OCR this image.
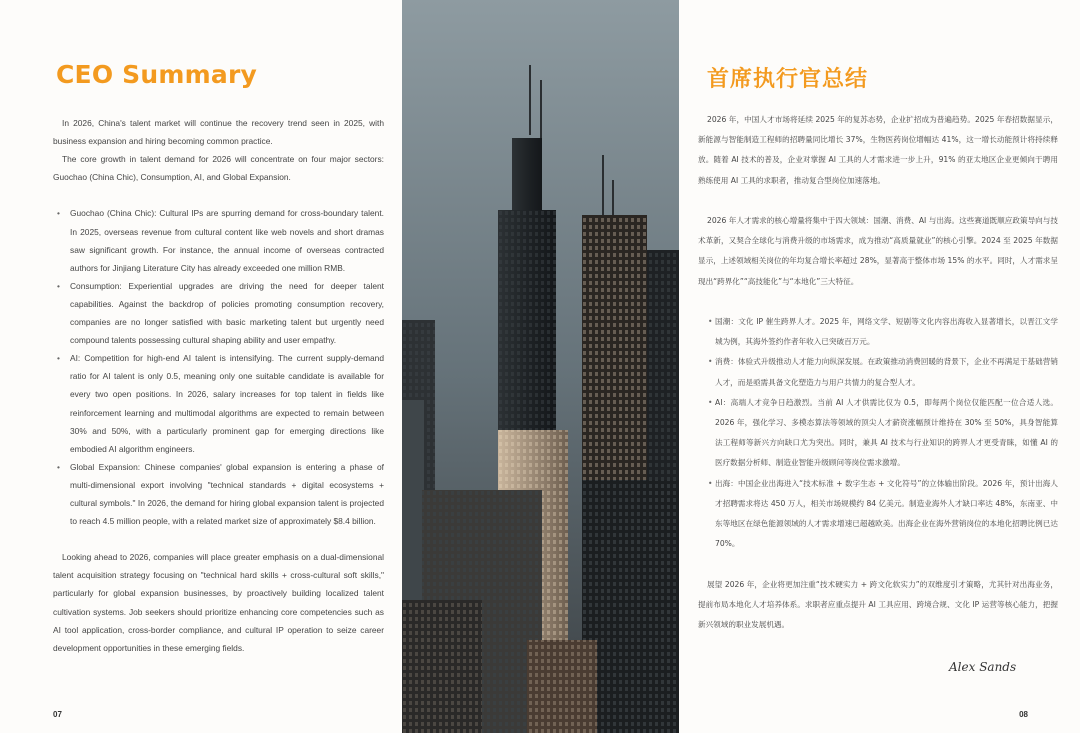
CEO Summary

In 2026, China's talent market will continue the recovery trend seen in 2025, with business expansion and hiring becoming common practice.

The core growth in talent demand for 2026 will concentrate on four major sectors: Guochao (China Chic), Consumption, AI, and Global Expansion.

• Guochao (China Chic): Cultural IPs are spurring demand for cross-boundary talent. In 2025, overseas revenue from cultural content like web novels and short dramas saw significant growth. For instance, the annual income of overseas contracted authors for Jinjiang Literature City has already exceeded one million RMB.
• Consumption: Experiential upgrades are driving the need for deeper talent capabilities. Against the backdrop of policies promoting consumption recovery, companies are no longer satisfied with basic marketing talent but urgently need compound talents possessing cultural shaping ability and user empathy.
• AI: Competition for high-end AI talent is intensifying. The current supply-demand ratio for AI talent is only 0.5, meaning only one suitable candidate is available for every two open positions. In 2026, salary increases for top talent in fields like reinforcement learning and multimodal algorithms are expected to remain between 30% and 50%, with a particularly prominent gap for emerging directions like embodied AI algorithm engineers.
• Global Expansion: Chinese companies' global expansion is entering a phase of multi-dimensional export involving "technical standards + digital ecosystems + cultural symbols." In 2026, the demand for hiring global expansion talent is projected to reach 4.5 million people, with a related market size of approximately $8.4 billion.

Looking ahead to 2026, companies will place greater emphasis on a dual-dimensional talent acquisition strategy focusing on "technical hard skills + cross-cultural soft skills," particularly for global expansion businesses, by proactively building localized talent cultivation systems. Job seekers should prioritize enhancing core competencies such as AI tool application, cross-border compliance, and cultural IP operation to seize career development opportunities in these emerging fields.

07
首席执行官总结

2026 年，中国人才市场将延续 2025 年的复苏态势，企业扩招成为普遍趋势。2025 年春招数据显示，新能源与智能制造工程师的招聘量同比增长 37%，生物医药岗位增幅达 41%，这一增长动能预计将持续释放。随着 AI 技术的普及，企业对掌握 AI 工具的人才需求进一步上升，91% 的亚太地区企业更倾向于聘用熟练使用 AI 工具的求职者，推动复合型岗位加速落地。

2026 年人才需求的核心增量将集中于四大领域：国潮、消费、AI 与出海。这些赛道既顺应政策导向与技术革新，又契合全球化与消费升级的市场需求，成为推动“高质量就业”的核心引擎。2024 至 2025 年数据显示，上述领域相关岗位的年均复合增长率超过 28%，显著高于整体市场 15% 的水平。同时，人才需求呈现出“跨界化”“高技能化”与“本地化”三大特征。

• 国潮：文化 IP 催生跨界人才。2025 年，网络文学、短剧等文化内容出海收入显著增长，以晋江文学城为例，其海外签约作者年收入已突破百万元。
• 消费：体验式升级推动人才能力向纵深发展。在政策推动消费回暖的背景下，企业不再满足于基础营销人才，而是亟需具备文化塑造力与用户共情力的复合型人才。
• AI：高端人才竞争日趋激烈。当前 AI 人才供需比仅为 0.5，即每两个岗位仅能匹配一位合适人选。2026 年，强化学习、多模态算法等领域的顶尖人才薪资涨幅预计维持在 30% 至 50%，具身智能算法工程师等新兴方向缺口尤为突出。同时，兼具 AI 技术与行业知识的跨界人才更受青睐，如懂 AI 的医疗数据分析师、制造业智能升级顾问等岗位需求激增。
• 出海：中国企业出海进入“技术标准 + 数字生态 + 文化符号”的立体输出阶段。2026 年，预计出海人才招聘需求将达 450 万人，相关市场规模约 84 亿美元。制造业海外人才缺口率达 48%，东南亚、中东等地区在绿色能源领域的人才需求增速已超越欧美。出海企业在海外营销岗位的本地化招聘比例已达 70%。

展望 2026 年，企业将更加注重“技术硬实力 + 跨文化软实力”的双维度引才策略，尤其针对出海业务，提前布局本地化人才培养体系。求职者应重点提升 AI 工具应用、跨境合规、文化 IP 运营等核心能力，把握新兴领域的职业发展机遇。

Alex Sands
08
